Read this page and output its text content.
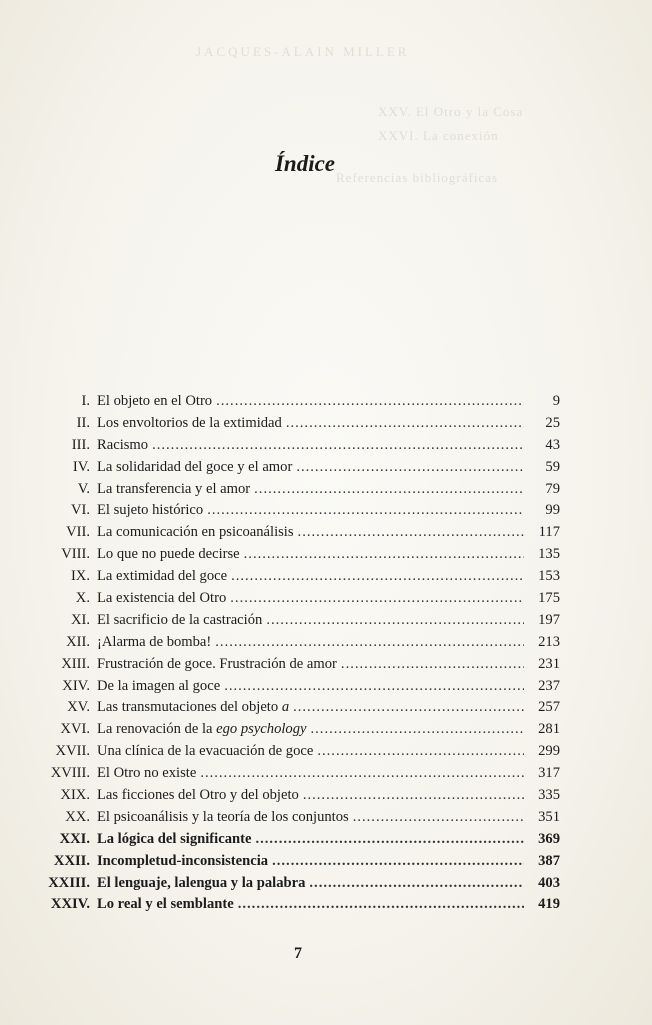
JACQUES-ALAIN MILLER
XXV. El Otro y la Cosa
XXVI. La conexión
Referencias bibliográficas
Índice
I. El objeto en el Otro .....	9
II. Los envoltorios de la extimidad .....	25
III. Racismo .....	43
IV. La solidaridad del goce y el amor .....	59
V. La transferencia y el amor .....	79
VI. El sujeto histórico .....	99
VII. La comunicación en psicoanálisis .....	117
VIII. Lo que no puede decirse .....	135
IX. La extimidad del goce .....	153
X. La existencia del Otro .....	175
XI. El sacrificio de la castración .....	197
XII. ¡Alarma de bomba! .....	213
XIII. Frustración de goce. Frustración de amor .....	231
XIV. De la imagen al goce .....	237
XV. Las transmutaciones del objeto a .....	257
XVI. La renovación de la ego psychology .....	281
XVII. Una clínica de la evacuación de goce .....	299
XVIII. El Otro no existe .....	317
XIX. Las ficciones del Otro y del objeto .....	335
XX. El psicoanálisis y la teoría de los conjuntos .....	351
XXI. La lógica del significante .....	369
XXII. Incompletud-inconsistencia .....	387
XXIII. El lenguaje, lalengua y la palabra .....	403
XXIV. Lo real y el semblante .....	419
7
